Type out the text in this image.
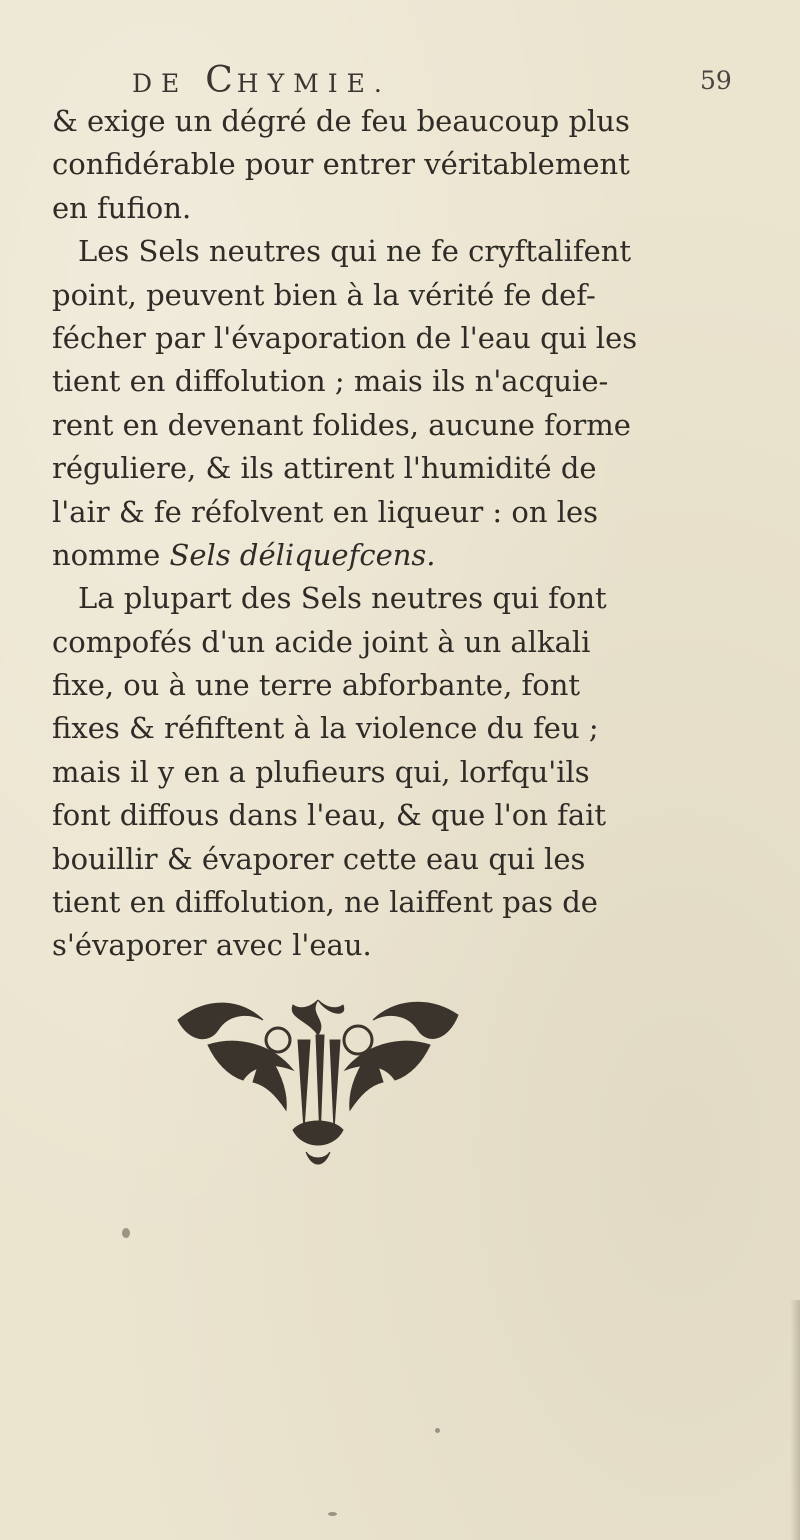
DE CHYMIE.	59
& exige un dégré de feu beaucoup plus
confidérable pour entrer véritablement
en fufion.
Les Sels neutres qui ne fe cryftalifent
point, peuvent bien à la vérité fe def-
fécher par l'évaporation de l'eau qui les
tient en diffolution ; mais ils n'acquie-
rent en devenant folides, aucune forme
réguliere, & ils attirent l'humidité de
l'air & fe réfolvent en liqueur : on les
nomme Sels déliquefcens.
La plupart des Sels neutres qui font
compofés d'un acide joint à un alkali
fixe, ou à une terre abforbante, font
fixes & réfiftent à la violence du feu ;
mais il y en a plufieurs qui, lorfqu'ils
font diffous dans l'eau, & que l'on fait
bouillir & évaporer cette eau qui les
tient en diffolution, ne laiffent pas de
s'évaporer avec l'eau.
